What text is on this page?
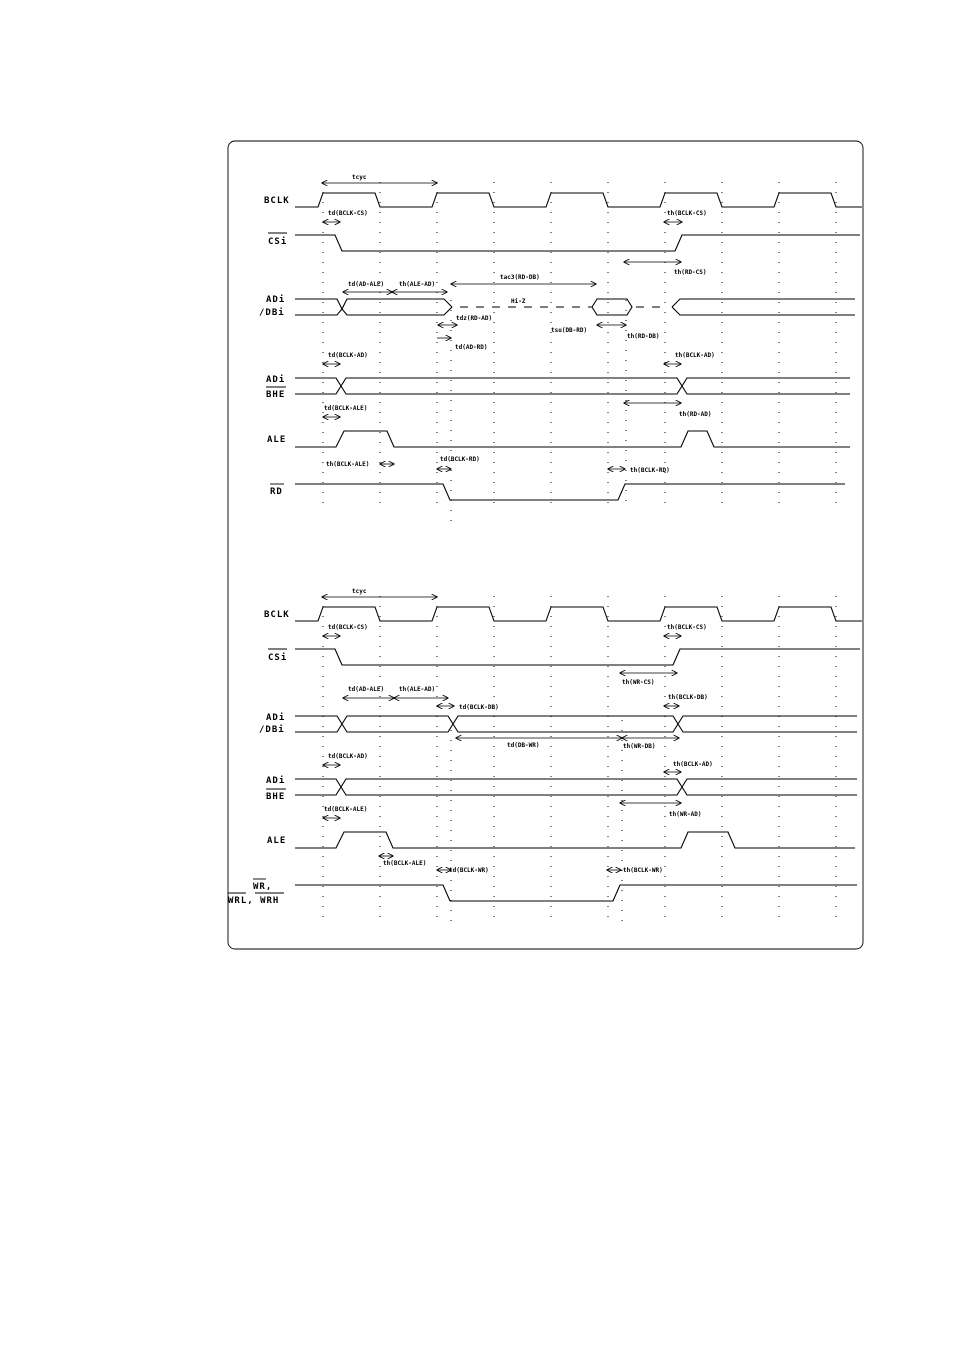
BCLK
CSi
ADi
/DBi
ADi
BHE
ALE
RD
tcyc
td(BCLK-CS)	th(BCLK-CS)
th(RD-CS)
td(AD-ALE) th(ALE-AD)
tac3(RD-DB)
Hi-Z
tdz(RD-AD)
tsu(DB-RD)
th(RD-DB)
td(AD-RD)
td(BCLK-AD)	th(BCLK-AD)
th(RD-AD)
td(BCLK-ALE)
th(BCLK-ALE)
td(BCLK-RD)
th(BCLK-RD)
BCLK
CSi
ADi
/DBi
ADi
BHE
ALE
WR,
WRL, WRH
tcyc
td(BCLK-CS)	th(BCLK-CS)
th(WR-CS)
td(AD-ALE) th(ALE-AD)
td(BCLK-DB)
th(BCLK-DB)
td(DB-WR)	th(WR-DB)
td(BCLK-AD)
th(BCLK-AD)
th(WR-AD)
td(BCLK-ALE)
th(BCLK-ALE)
td(BCLK-WR)	th(BCLK-WR)
